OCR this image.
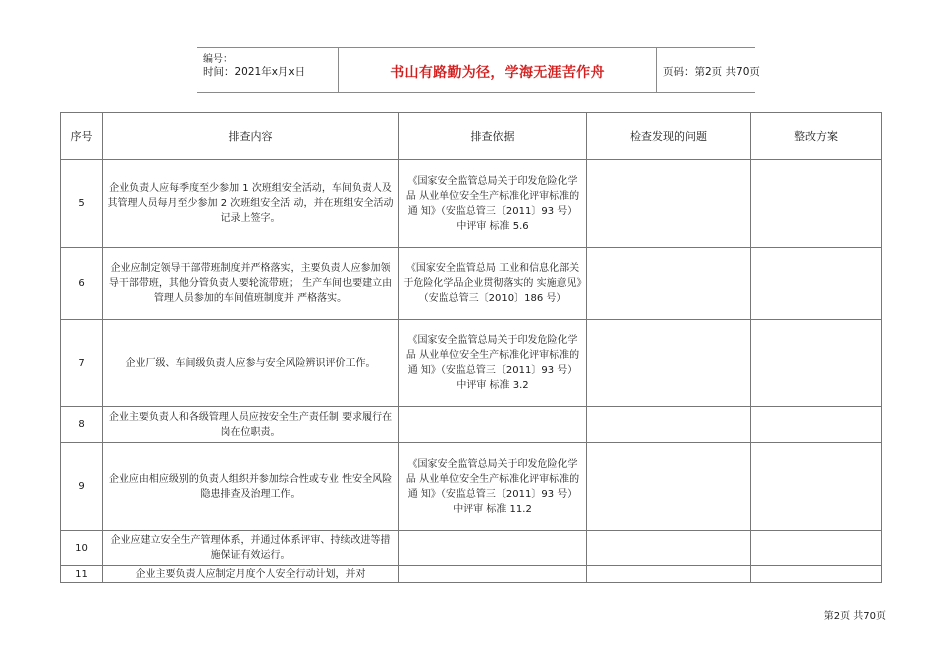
编号：
时间：2021年x月x日	书山有路勤为径，学海无涯苦作舟	页码：第2页 共70页
序号	排查内容	排查依据	检查发现的问题	整改方案
5	企业负责人应每季度至少参加 1 次班组安全活动，车间负责人及其管理人员每月至少参加 2 次班组安全活 动，并在班组安全活动记录上签字。	《国家安全监管总局关于印发危险化学品 从业单位安全生产标准化评审标准的通 知》（安监总管三〔2011〕93 号）中评审 标准 5.6		
6	企业应制定领导干部带班制度并严格落实，主要负责人应参加领导干部带班，其他分管负责人要轮流带班； 生产车间也要建立由管理人员参加的车间值班制度并 严格落实。	《国家安全监管总局 工业和信息化部关 于危险化学品企业贯彻落实的 实施意见》（安监总管三〔2010〕186 号）		
7	企业厂级、车间级负责人应参与安全风险辨识评价工作。	《国家安全监管总局关于印发危险化学品 从业单位安全生产标准化评审标准的通 知》（安监总管三〔2011〕93 号）中评审 标准 3.2		
8	企业主要负责人和各级管理人员应按安全生产责任制 要求履行在岗在位职责。			
9	企业应由相应级别的负责人组织并参加综合性或专业 性安全风险隐患排查及治理工作。	《国家安全监管总局关于印发危险化学品 从业单位安全生产标准化评审标准的通 知》（安监总管三〔2011〕93 号）中评审 标准 11.2		
10	企业应建立安全生产管理体系，并通过体系评审、持续改进等措施保证有效运行。			
11	企业主要负责人应制定月度个人安全行动计划，并对			
第2页 共70页
